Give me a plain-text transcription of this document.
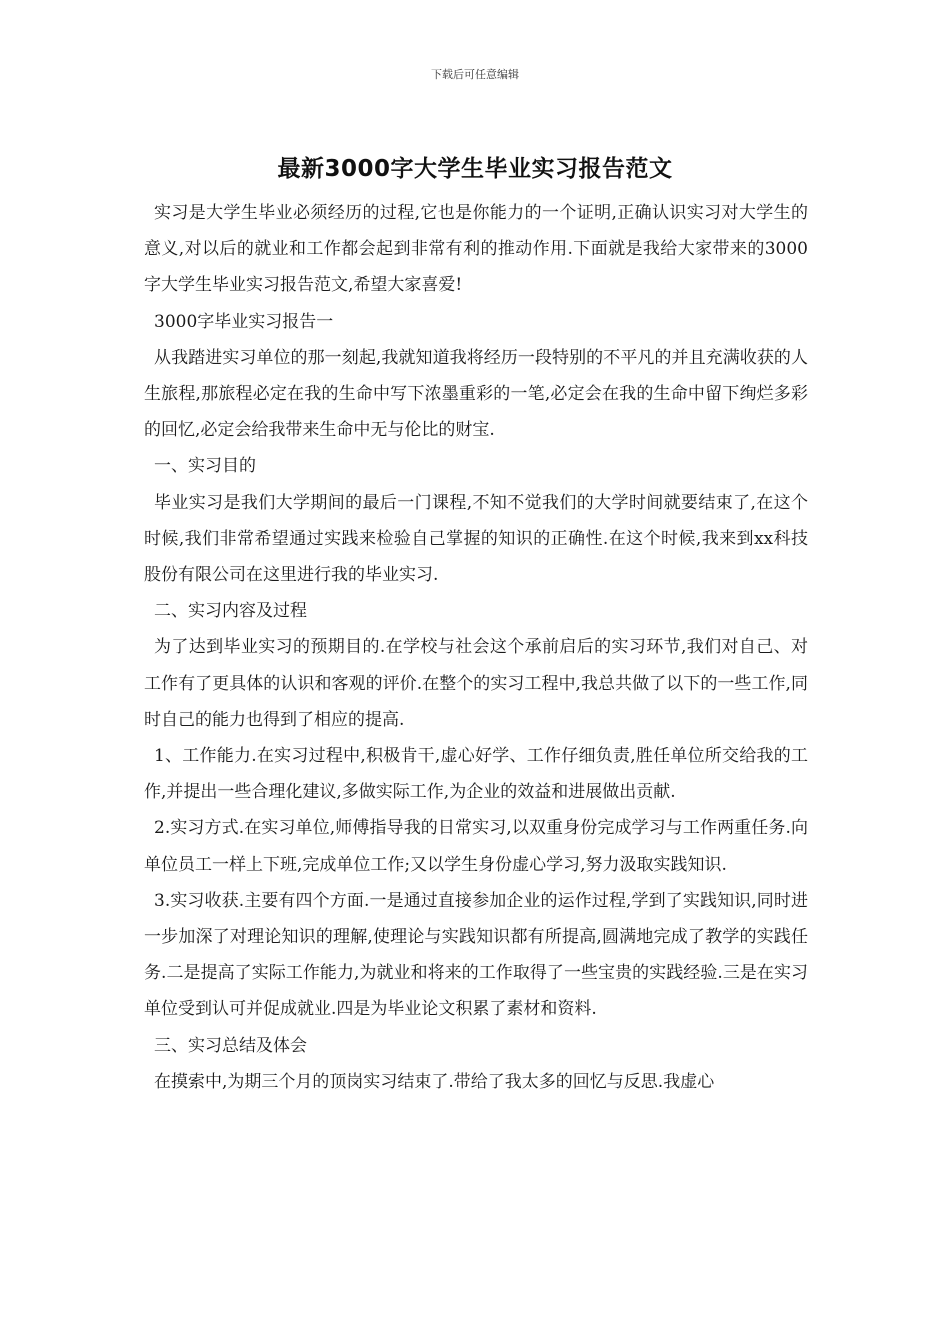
下载后可任意编辑
最新3000字大学生毕业实习报告范文

实习是大学生毕业必须经历的过程,它也是你能力的一个证明,正确认识实习对大学生的意义,对以后的就业和工作都会起到非常有利的推动作用.下面就是我给大家带来的3000字大学生毕业实习报告范文,希望大家喜爱!

3000字毕业实习报告一

从我踏进实习单位的那一刻起,我就知道我将经历一段特别的不平凡的并且充满收获的人生旅程,那旅程必定在我的生命中写下浓墨重彩的一笔,必定会在我的生命中留下绚烂多彩的回忆,必定会给我带来生命中无与伦比的财宝.

一、实习目的

毕业实习是我们大学期间的最后一门课程,不知不觉我们的大学时间就要结束了,在这个时候,我们非常希望通过实践来检验自己掌握的知识的正确性.在这个时候,我来到xx科技股份有限公司在这里进行我的毕业实习.

二、实习内容及过程

为了达到毕业实习的预期目的.在学校与社会这个承前启后的实习环节,我们对自己、对工作有了更具体的认识和客观的评价.在整个的实习工程中,我总共做了以下的一些工作,同时自己的能力也得到了相应的提高.

1、工作能力.在实习过程中,积极肯干,虚心好学、工作仔细负责,胜任单位所交给我的工作,并提出一些合理化建议,多做实际工作,为企业的效益和进展做出贡献.

2.实习方式.在实习单位,师傅指导我的日常实习,以双重身份完成学习与工作两重任务.向单位员工一样上下班,完成单位工作;又以学生身份虚心学习,努力汲取实践知识.

3.实习收获.主要有四个方面.一是通过直接参加企业的运作过程,学到了实践知识,同时进一步加深了对理论知识的理解,使理论与实践知识都有所提高,圆满地完成了教学的实践任务.二是提高了实际工作能力,为就业和将来的工作取得了一些宝贵的实践经验.三是在实习单位受到认可并促成就业.四是为毕业论文积累了素材和资料.

三、实习总结及体会

在摸索中,为期三个月的顶岗实习结束了.带给了我太多的回忆与反思.我虚心
